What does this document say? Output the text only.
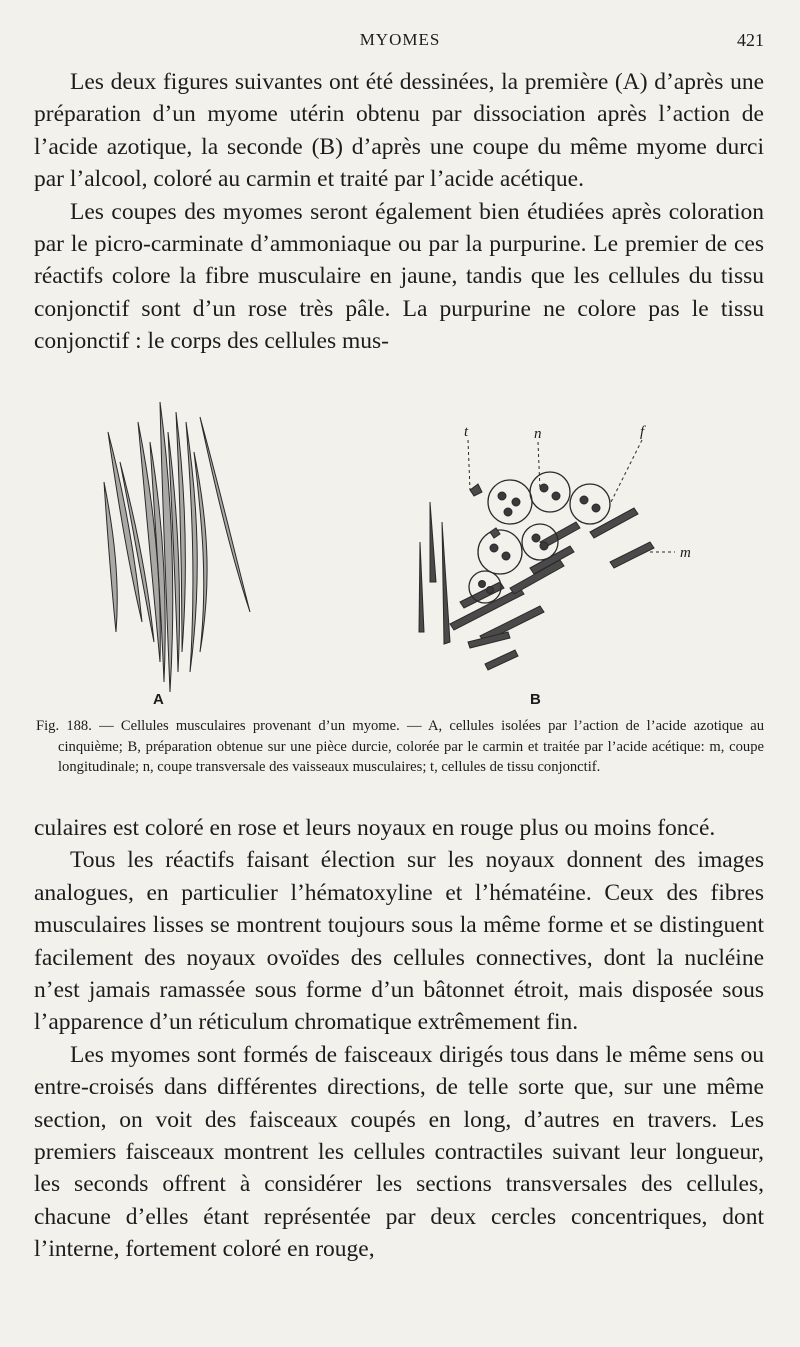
MYOMES	421

Les deux figures suivantes ont été dessinées, la première (A) d’après une préparation d’un myome utérin obtenu par dissociation après l’action de l’acide azotique, la seconde (B) d’après une coupe du même myome durci par l’alcool, coloré au carmin et traité par l’acide acétique.

Les coupes des myomes seront également bien étudiées après coloration par le picro-carminate d’ammoniaque ou par la purpurine. Le premier de ces réactifs colore la fibre musculaire en jaune, tandis que les cellules du tissu conjonctif sont d’un rose très pâle. La purpurine ne colore pas le tissu conjonctif : le corps des cellules mus-

A
t	n	f
m
B
Fig. 188. — Cellules musculaires provenant d’un myome. — A, cellules isolées par l’action de l’acide azotique au cinquième; B, préparation obtenue sur une pièce durcie, colorée par le carmin et traitée par l’acide acétique: m, coupe longitudinale; n, coupe transversale des vaisseaux musculaires; t, cellules de tissu conjonctif.

culaires est coloré en rose et leurs noyaux en rouge plus ou moins foncé.

Tous les réactifs faisant élection sur les noyaux donnent des images analogues, en particulier l’hématoxyline et l’hématéine. Ceux des fibres musculaires lisses se montrent toujours sous la même forme et se distinguent facilement des noyaux ovoïdes des cellules connectives, dont la nucléine n’est jamais ramassée sous forme d’un bâtonnet étroit, mais disposée sous l’apparence d’un réticulum chromatique extrêmement fin.

Les myomes sont formés de faisceaux dirigés tous dans le même sens ou entre-croisés dans différentes directions, de telle sorte que, sur une même section, on voit des faisceaux coupés en long, d’autres en travers. Les premiers faisceaux montrent les cellules contractiles suivant leur longueur, les seconds offrent à considérer les sections transversales des cellules, chacune d’elles étant représentée par deux cercles concentriques, dont l’interne, fortement coloré en rouge,
